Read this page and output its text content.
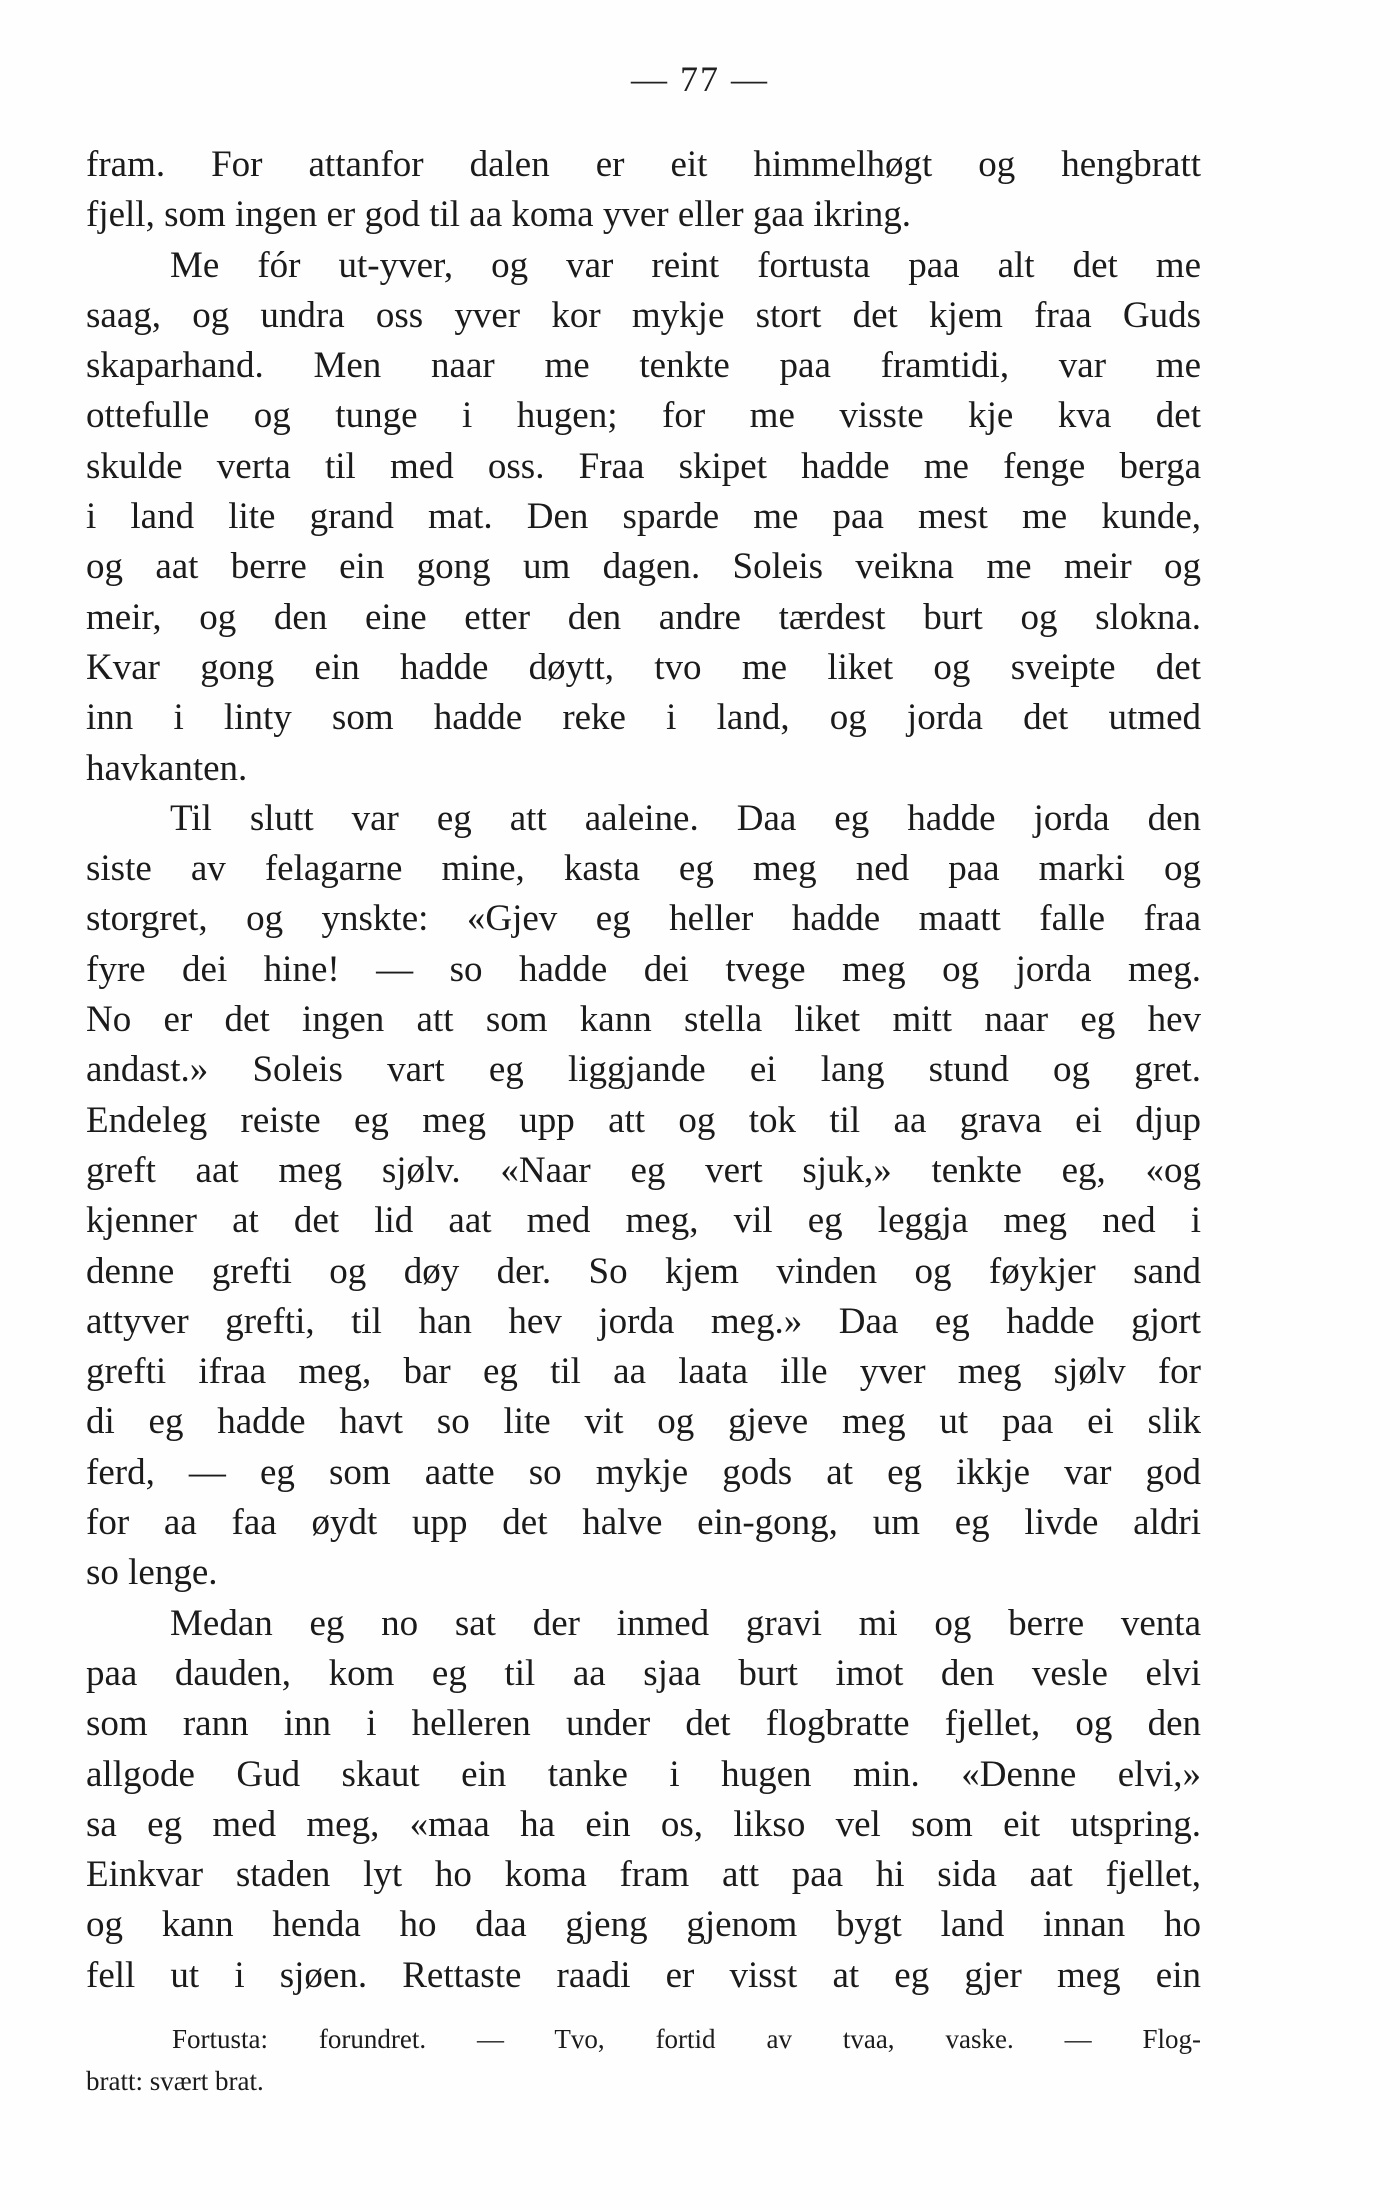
— 77 —
fram. For attanfor dalen er eit himmelhøgt og hengbratt
fjell, som ingen er god til aa koma yver eller gaa ikring.
Me fór ut-yver, og var reint fortusta paa alt det me
saag, og undra oss yver kor mykje stort det kjem fraa Guds
skaparhand. Men naar me tenkte paa framtidi, var me
ottefulle og tunge i hugen; for me visste kje kva det
skulde verta til med oss. Fraa skipet hadde me fenge berga
i land lite grand mat. Den sparde me paa mest me kunde,
og aat berre ein gong um dagen. Soleis veikna me meir og
meir, og den eine etter den andre tærdest burt og slokna.
Kvar gong ein hadde døytt, tvo me liket og sveipte det
inn i linty som hadde reke i land, og jorda det utmed
havkanten.
Til slutt var eg att aaleine. Daa eg hadde jorda den
siste av felagarne mine, kasta eg meg ned paa marki og
storgret, og ynskte: «Gjev eg heller hadde maatt falle fraa
fyre dei hine! — so hadde dei tvege meg og jorda meg.
No er det ingen att som kann stella liket mitt naar eg hev
andast.» Soleis vart eg liggjande ei lang stund og gret.
Endeleg reiste eg meg upp att og tok til aa grava ei djup
greft aat meg sjølv. «Naar eg vert sjuk,» tenkte eg, «og
kjenner at det lid aat med meg, vil eg leggja meg ned i
denne grefti og døy der. So kjem vinden og føykjer sand
attyver grefti, til han hev jorda meg.» Daa eg hadde gjort
grefti ifraa meg, bar eg til aa laata ille yver meg sjølv for
di eg hadde havt so lite vit og gjeve meg ut paa ei slik
ferd, — eg som aatte so mykje gods at eg ikkje var god
for aa faa øydt upp det halve ein-gong, um eg livde aldri
so lenge.
Medan eg no sat der inmed gravi mi og berre venta
paa dauden, kom eg til aa sjaa burt imot den vesle elvi
som rann inn i helleren under det flogbratte fjellet, og den
allgode Gud skaut ein tanke i hugen min. «Denne elvi,»
sa eg med meg, «maa ha ein os, likso vel som eit utspring.
Einkvar staden lyt ho koma fram att paa hi sida aat fjellet,
og kann henda ho daa gjeng gjenom bygt land innan ho
fell ut i sjøen. Rettaste raadi er visst at eg gjer meg ein
Fortusta: forundret. — Tvo, fortid av tvaa, vaske. — Flog-
bratt: svært brat.
